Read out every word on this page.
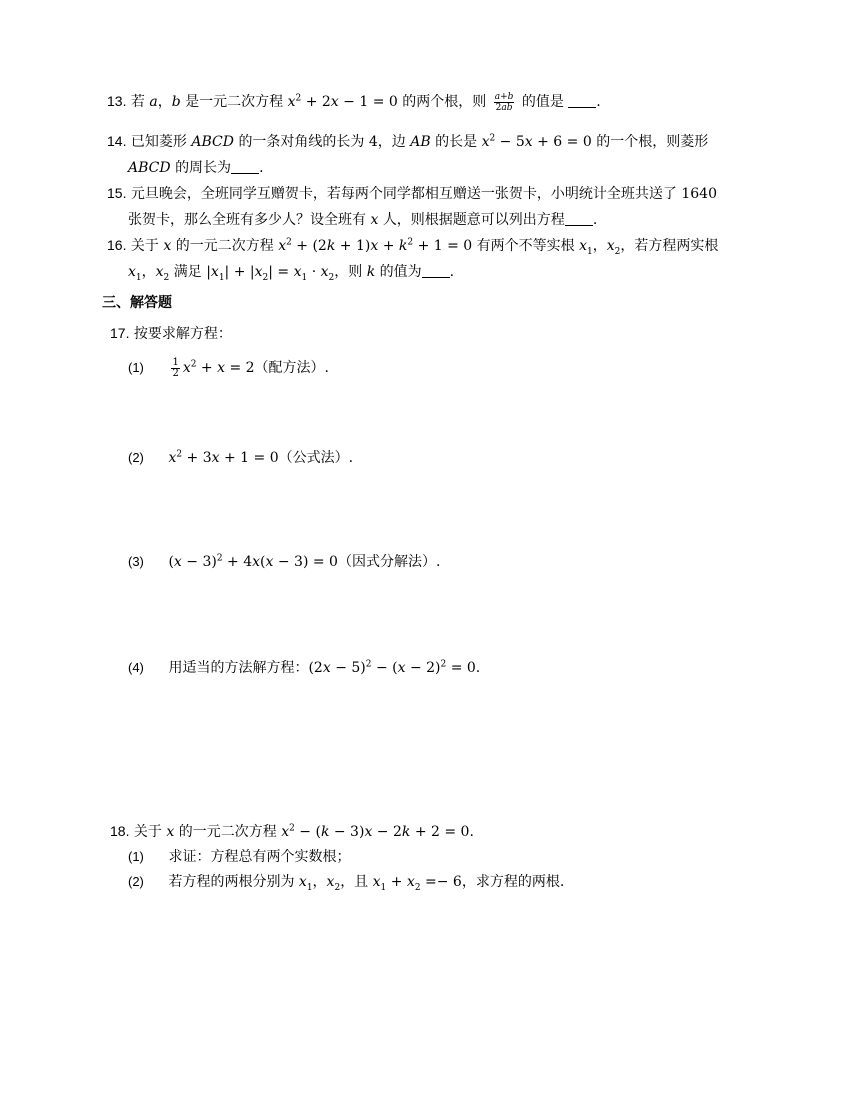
13. 若 a，b 是一元二次方程 $x^2 + 2x - 1 = 0$ 的两个根，则 $\frac{a+b}{2ab}$ 的值是 .
14. 已知菱形 ABCD 的一条对角线的长为 4，边 AB 的长是 $x^2 - 5x + 6 = 0$ 的一个根，则菱形
ABCD 的周长为 .
15. 元旦晚会，全班同学互赠贺卡，若每两个同学都相互赠送一张贺卡，小明统计全班共送了 1640
张贺卡，那么全班有多少人？设全班有 x 人，则根据题意可以列出方程 .
16. 关于 x 的一元二次方程 $x^2 + (2k + 1)x + k^2 + 1 = 0$ 有两个不等实根 $x_1$，$x_2$，若方程两实根
$x_1$，$x_2$ 满足 $|x_1| + |x_2| = x_1 \cdot x_2$，则 k 的值为 .
三、解答题
17. 按要求解方程：
(1)	$\frac{1}{2} x^2 + x = 2$（配方法）.
(2) $x^2 + 3x + 1 = 0$（公式法）.
(3) $(x - 3)^2 + 4x(x - 3) = 0$（因式分解法）.
(4) 用适当的方法解方程：$(2x - 5)^2 - (x - 2)^2 = 0$.
18. 关于 x 的一元二次方程 $x^2 - (k - 3)x - 2k + 2 = 0$.
(1) 求证：方程总有两个实数根；
(2) 若方程的两根分别为 $x_1$，$x_2$，且 $x_1 + x_2 =- 6$，求方程的两根.
